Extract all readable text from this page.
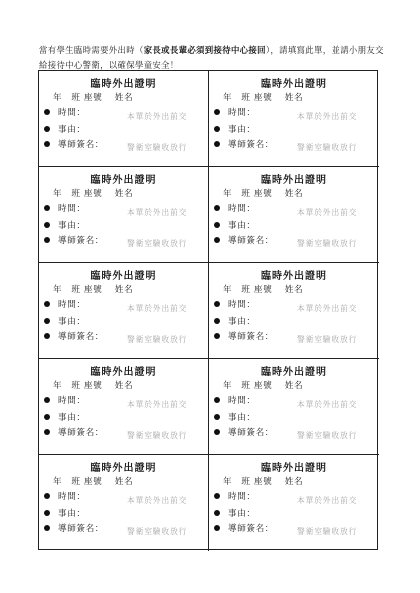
當有學生臨時需要外出時（家長或長輩必須到接待中心接回），請填寫此單，並請小朋友交
給接待中心警衛，以確保學童安全！
臨時外出證明
年　班 座號　 姓名
時間：
事由：
導師簽名：
本單於外出前交
警衛室驗收放行
臨時外出證明
年　班 座號　 姓名
時間：
事由：
導師簽名：
本單於外出前交
警衛室驗收放行
臨時外出證明
年　班 座號　 姓名
時間：
事由：
導師簽名：
本單於外出前交
警衛室驗收放行
臨時外出證明
年　班 座號　 姓名
時間：
事由：
導師簽名：
本單於外出前交
警衛室驗收放行
臨時外出證明
年　班 座號　 姓名
時間：
事由：
導師簽名：
本單於外出前交
警衛室驗收放行
臨時外出證明
年　班 座號　 姓名
時間：
事由：
導師簽名：
本單於外出前交
警衛室驗收放行
臨時外出證明
年　班 座號　 姓名
時間：
事由：
導師簽名：
本單於外出前交
警衛室驗收放行
臨時外出證明
年　班 座號　 姓名
時間：
事由：
導師簽名：
本單於外出前交
警衛室驗收放行
臨時外出證明
年　班 座號　 姓名
時間：
事由：
導師簽名：
本單於外出前交
警衛室驗收放行
臨時外出證明
年　班 座號　 姓名
時間：
事由：
導師簽名：
本單於外出前交
警衛室驗收放行
